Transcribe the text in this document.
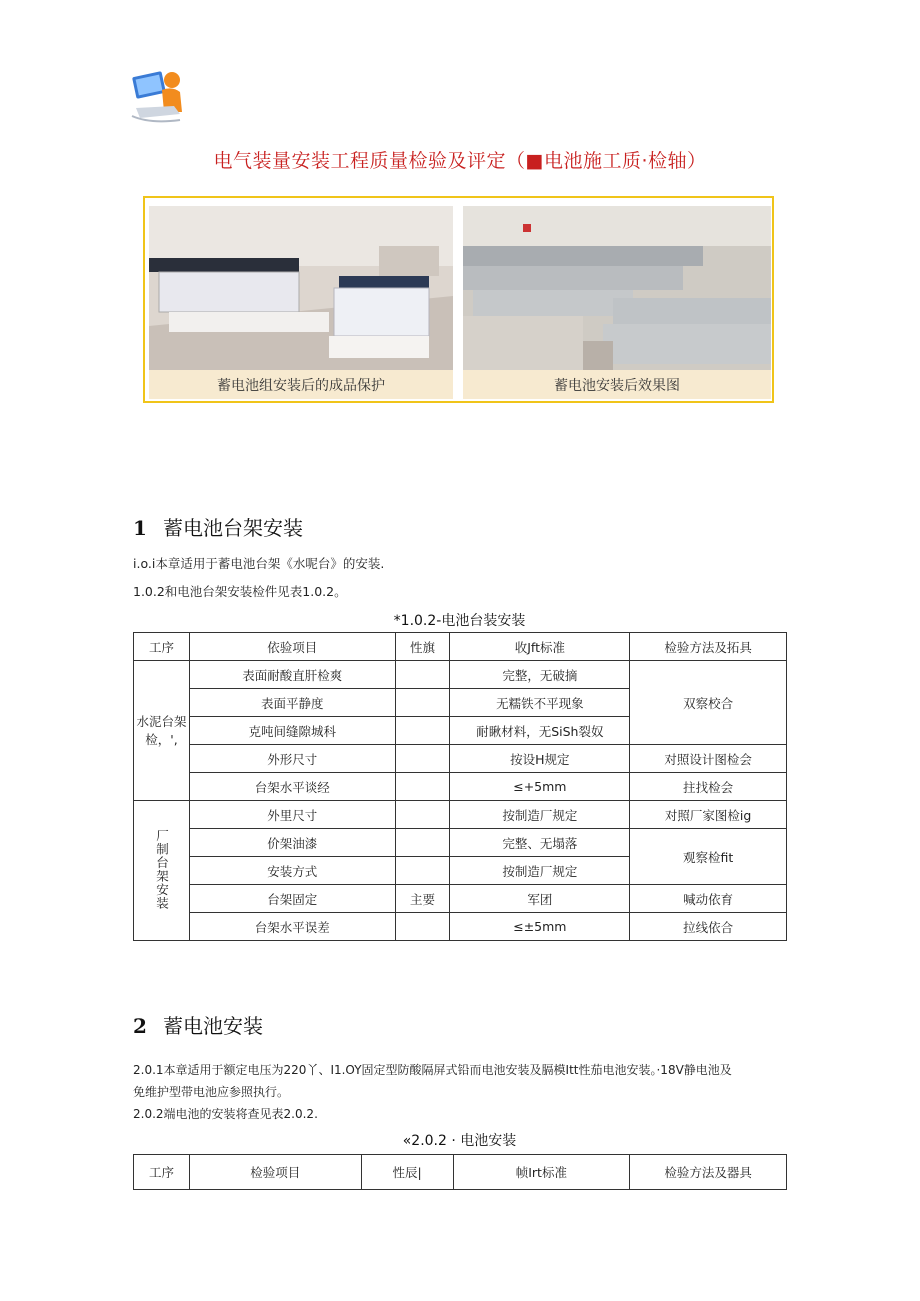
电气装量安装工程质量检验及评定（■电池施工质·检轴）
蓄电池组安装后的成品保护	蓄电池安装后效果图
1 蓄电池台架安装
i.o.i本章适用于蓄电池台架《水呢台》的安装.
1.0.2和电池台架安装检件见表1.0.2。
*1.0.2-电池台装安装
工序	依验项目	性旗	收Jft标准	检验方法及拓具

水泥台架检，',	表面耐酸直肝检爽		完整，无破摘	双察校合
	表面平静度		无糯铁不平现象	
	克吨间缝隙城科		耐瞅材料，无SiSh裂奴	
	外形尺寸		按设H规定	对照设计图检会
	台架水平谈经		≤+5mm	拄找检会
厂制台架安装	外里尺寸		按制造厂规定	对照厂家图检ig
	价架油漆		完整、无塌落	观察检fit
	安装方式		按制造厂规定	
	台架固定	主要	军团	喊动依育
	台架水平误差		≤±5mm	拉线依合
2 蓄电池安装
2.0.1本章适用于额定电压为220丫、I1.OY固定型防酸隔屏式铅而电池安装及膈模Itt性茄电池安装。·18V静电池及
免维护型带电池应参照执行。
2.0.2端电池的安装将查见表2.0.2.
«2.0.2 · 电池安装
工序	检验项目	性辰|	帧Irt标准	检验方法及器具
